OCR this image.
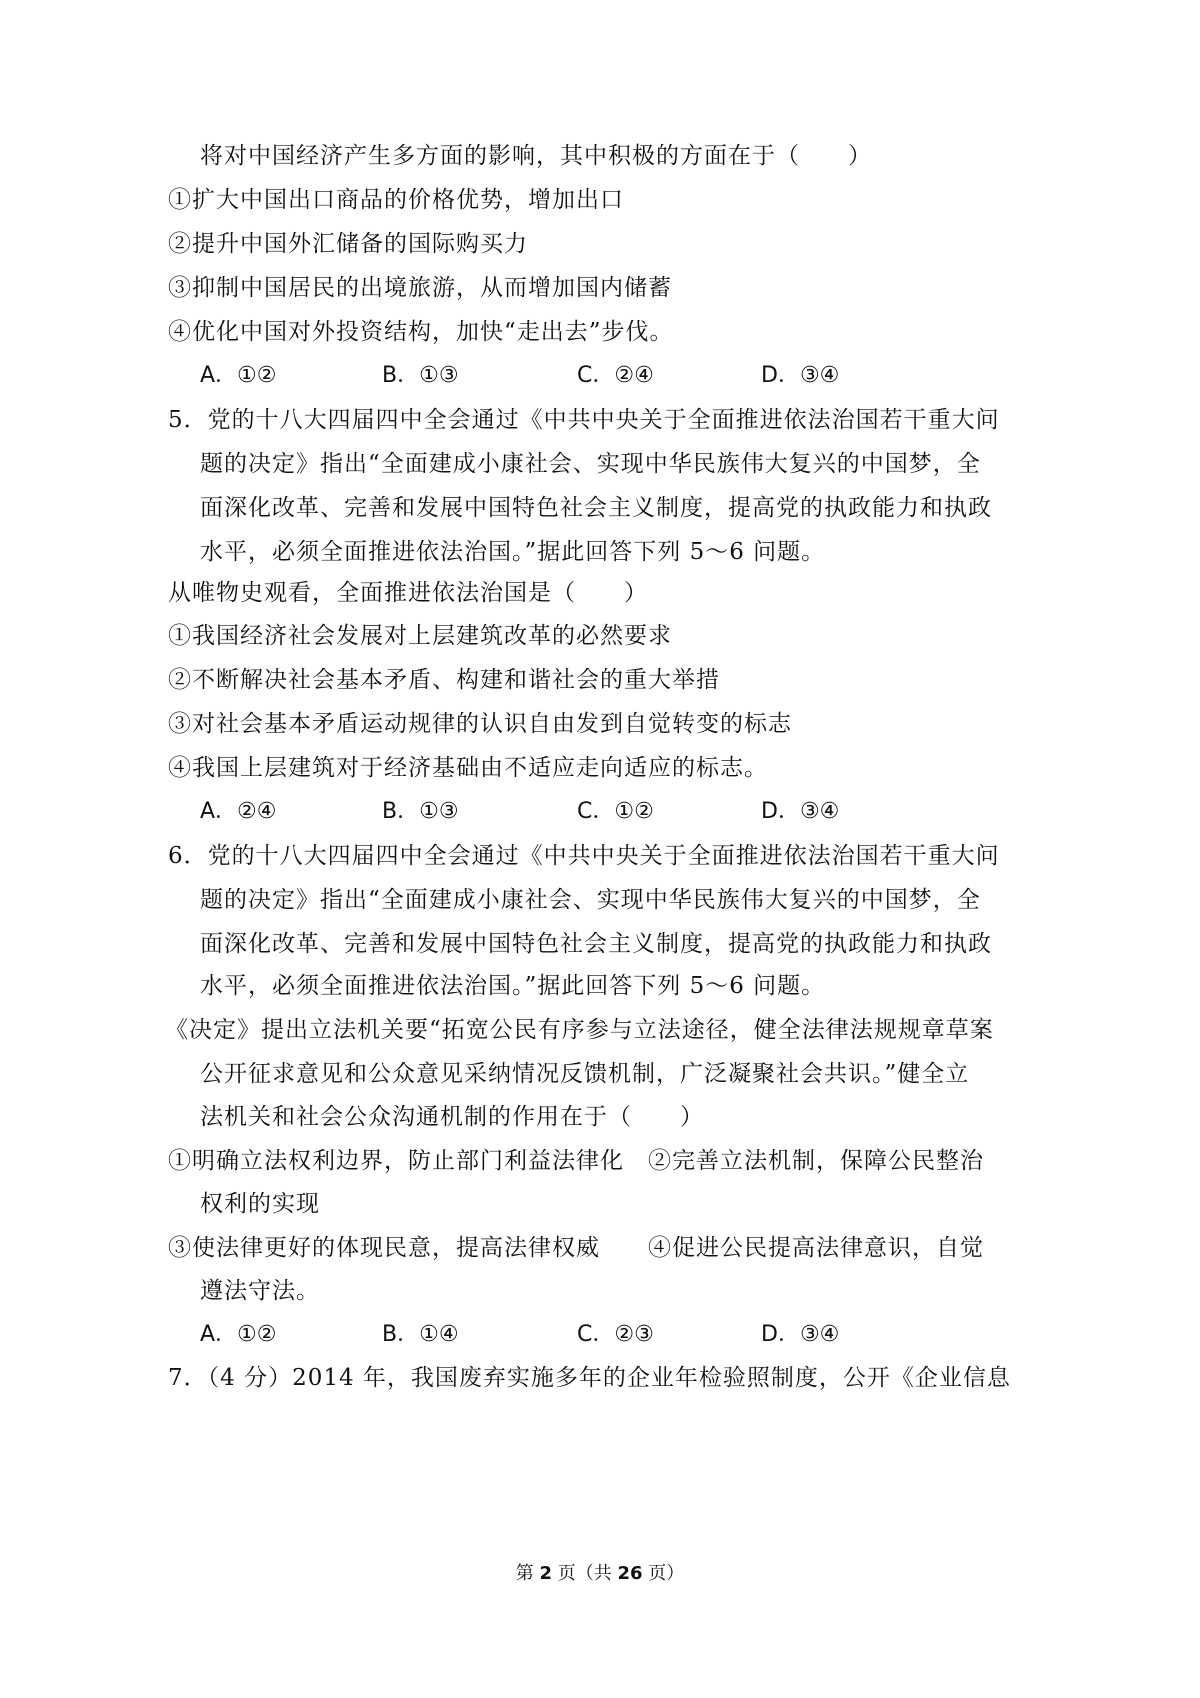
将对中国经济产生多方面的影响，其中积极的方面在于（　　）
①扩大中国出口商品的价格优势，增加出口
②提升中国外汇储备的国际购买力
③抑制中国居民的出境旅游，从而增加国内储蓄
④优化中国对外投资结构，加快“走出去”步伐。
A．①②	B．①③	C．②④	D．③④
5．党的十八大四届四中全会通过《中共中央关于全面推进依法治国若干重大问
题的决定》指出“全面建成小康社会、实现中华民族伟大复兴的中国梦，全
面深化改革、完善和发展中国特色社会主义制度，提高党的执政能力和执政
水平，必须全面推进依法治国。”据此回答下列 5〜6 问题。
从唯物史观看，全面推进依法治国是（　　）
①我国经济社会发展对上层建筑改革的必然要求
②不断解决社会基本矛盾、构建和谐社会的重大举措
③对社会基本矛盾运动规律的认识自由发到自觉转变的标志
④我国上层建筑对于经济基础由不适应走向适应的标志。
A．②④	B．①③	C．①②	D．③④
6．党的十八大四届四中全会通过《中共中央关于全面推进依法治国若干重大问
题的决定》指出“全面建成小康社会、实现中华民族伟大复兴的中国梦，全
面深化改革、完善和发展中国特色社会主义制度，提高党的执政能力和执政
水平，必须全面推进依法治国。”据此回答下列 5〜6 问题。
《决定》提出立法机关要“拓宽公民有序参与立法途径，健全法律法规规章草案
公开征求意见和公众意见采纳情况反馈机制，广泛凝聚社会共识。”健全立
法机关和社会公众沟通机制的作用在于（　　）
①明确立法权利边界，防止部门利益法律化　②完善立法机制，保障公民整治
权利的实现
③使法律更好的体现民意，提高法律权威　　④促进公民提高法律意识，自觉
遵法守法。
A．①②	B．①④	C．②③	D．③④
7．（4 分）2014 年，我国废弃实施多年的企业年检验照制度，公开《企业信息
第 2 页（共 26 页）
